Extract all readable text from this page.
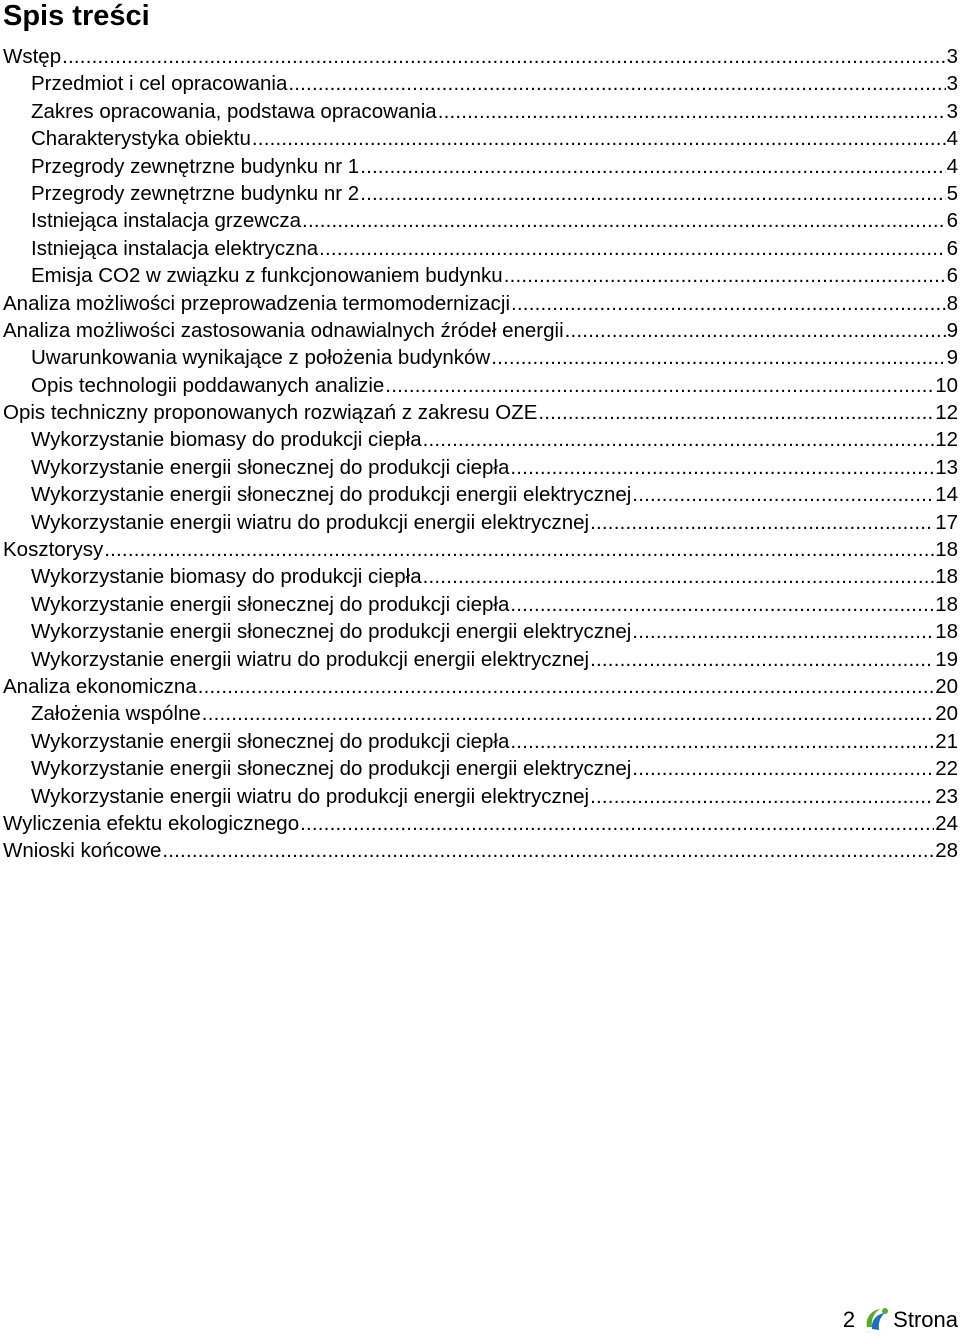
Spis treści
Wstęp .....	3
Przedmiot i cel opracowania .....	3
Zakres opracowania, podstawa opracowania .....	3
Charakterystyka obiektu .....	4
Przegrody zewnętrzne budynku nr 1 .....	4
Przegrody zewnętrzne budynku nr 2 .....	5
Istniejąca instalacja grzewcza .....	6
Istniejąca instalacja elektryczna .....	6
Emisja CO2 w związku z funkcjonowaniem budynku .....	6
Analiza możliwości przeprowadzenia termomodernizacji .....	8
Analiza możliwości zastosowania odnawialnych źródeł energii .....	9
Uwarunkowania wynikające z położenia budynków .....	9
Opis technologii poddawanych analizie .....	10
Opis techniczny proponowanych rozwiązań z zakresu OZE .....	12
Wykorzystanie biomasy do produkcji ciepła .....	12
Wykorzystanie energii słonecznej do produkcji ciepła .....	13
Wykorzystanie energii słonecznej do produkcji energii elektrycznej .....	14
Wykorzystanie energii wiatru do produkcji energii elektrycznej .....	17
Kosztorysy .....	18
Wykorzystanie biomasy do produkcji ciepła .....	18
Wykorzystanie energii słonecznej do produkcji ciepła .....	18
Wykorzystanie energii słonecznej do produkcji energii elektrycznej .....	18
Wykorzystanie energii wiatru do produkcji energii elektrycznej .....	19
Analiza ekonomiczna .....	20
Założenia wspólne .....	20
Wykorzystanie energii słonecznej do produkcji ciepła .....	21
Wykorzystanie energii słonecznej do produkcji energii elektrycznej .....	22
Wykorzystanie energii wiatru do produkcji energii elektrycznej .....	23
Wyliczenia efektu ekologicznego .....	24
Wnioski końcowe .....	28
2 Strona
